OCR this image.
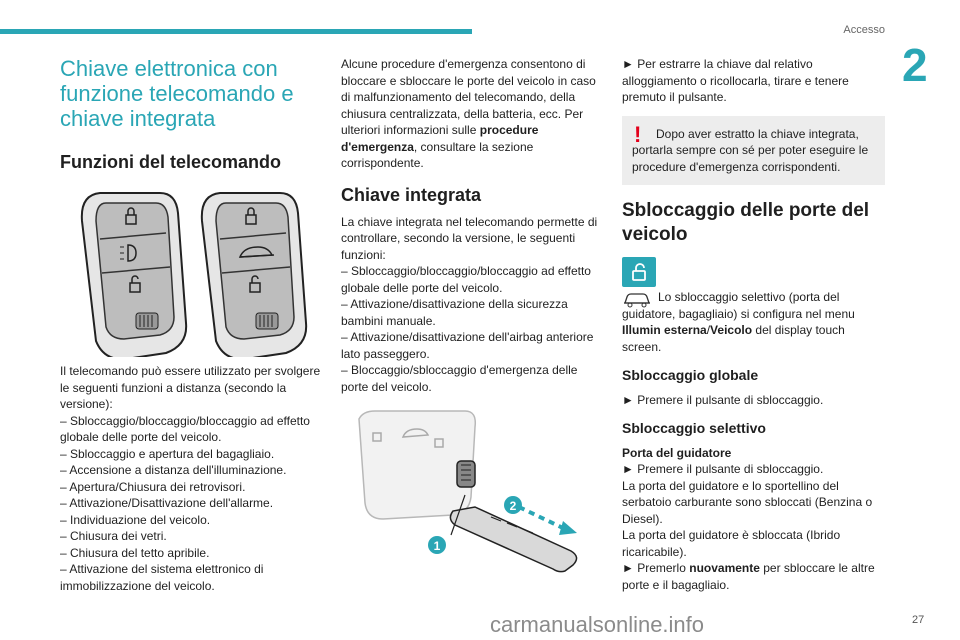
Accesso
2
Chiave elettronica con funzione telecomando e chiave integrata
Funzioni del telecomando

Il telecomando può essere utilizzato per svolgere le seguenti funzioni a distanza (secondo la versione):

– Sbloccaggio/bloccaggio/bloccaggio ad effetto globale delle porte del veicolo.

– Sbloccaggio e apertura del bagagliaio.

– Accensione a distanza dell'illuminazione.

– Apertura/Chiusura dei retrovisori.

– Attivazione/Disattivazione dell'allarme.

– Individuazione del veicolo.

– Chiusura dei vetri.

– Chiusura del tetto apribile.

– Attivazione del sistema elettronico di immobilizzazione del veicolo.

Alcune procedure d'emergenza consentono di bloccare e sbloccare le porte del veicolo in caso di malfunzionamento del telecomando, della chiusura centralizzata, della batteria, ecc. Per ulteriori informazioni sulle procedure d'emergenza, consultare la sezione corrispondente.

Chiave integrata

La chiave integrata nel telecomando permette di controllare, secondo la versione, le seguenti funzioni:

– Sbloccaggio/bloccaggio/bloccaggio ad effetto globale delle porte del veicolo.

– Attivazione/disattivazione della sicurezza bambini manuale.

– Attivazione/disattivazione dell'airbag anteriore lato passeggero.

– Bloccaggio/sbloccaggio d'emergenza delle porte del veicolo.

1
2

► Per estrarre la chiave dal relativo alloggiamento o ricollocarla, tirare e tenere premuto il pulsante.

!	Dopo aver estratto la chiave integrata, portarla sempre con sé per poter eseguire le procedure d'emergenza corrispondenti.

Sbloccaggio delle porte del veicolo

Lo sbloccaggio selettivo (porta del guidatore, bagagliaio) si configura nel menu Illumin esterna/Veicolo del display touch screen.

Sbloccaggio globale

► Premere il pulsante di sbloccaggio.

Sbloccaggio selettivo

Porta del guidatore

► Premere il pulsante di sbloccaggio.

La porta del guidatore e lo sportellino del serbatoio carburante sono sbloccati (Benzina o Diesel).

La porta del guidatore è sbloccata (Ibrido ricaricabile).

► Premerlo nuovamente per sbloccare le altre porte e il bagagliaio.

carmanualsonline.info	27
